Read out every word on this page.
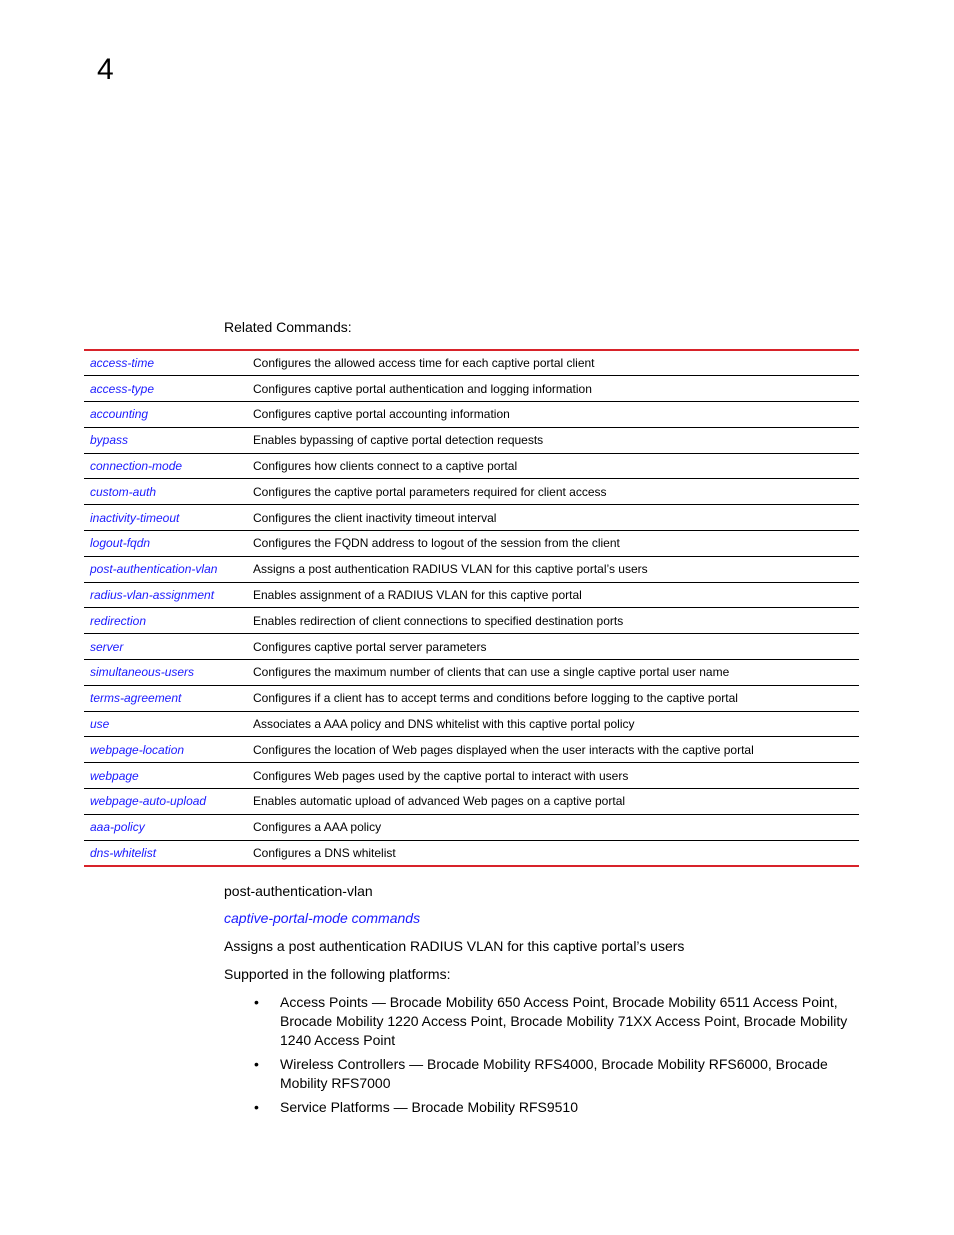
4
Related Commands:

access-time	Configures the allowed access time for each captive portal client
access-type	Configures captive portal authentication and logging information
accounting	Configures captive portal accounting information
bypass	Enables bypassing of captive portal detection requests
connection-mode	Configures how clients connect to a captive portal
custom-auth	Configures the captive portal parameters required for client access
inactivity-timeout	Configures the client inactivity timeout interval
logout-fqdn	Configures the FQDN address to logout of the session from the client
post-authentication-vlan	Assigns a post authentication RADIUS VLAN for this captive portal’s users
radius-vlan-assignment	Enables assignment of a RADIUS VLAN for this captive portal
redirection	Enables redirection of client connections to specified destination ports
server	Configures captive portal server parameters
simultaneous-users	Configures the maximum number of clients that can use a single captive portal user name
terms-agreement	Configures if a client has to accept terms and conditions before logging to the captive portal
use	Associates a AAA policy and DNS whitelist with this captive portal policy
webpage-location	Configures the location of Web pages displayed when the user interacts with the captive portal
webpage	Configures Web pages used by the captive portal to interact with users
webpage-auto-upload	Enables automatic upload of advanced Web pages on a captive portal
aaa-policy	Configures a AAA policy
dns-whitelist	Configures a DNS whitelist
post-authentication-vlan
captive-portal-mode commands
Assigns a post authentication RADIUS VLAN for this captive portal’s users
Supported in the following platforms:
• Access Points — Brocade Mobility 650 Access Point, Brocade Mobility 6511 Access Point, Brocade Mobility 1220 Access Point, Brocade Mobility 71XX Access Point, Brocade Mobility 1240 Access Point
• Wireless Controllers — Brocade Mobility RFS4000, Brocade Mobility RFS6000, Brocade Mobility RFS7000
• Service Platforms — Brocade Mobility RFS9510
